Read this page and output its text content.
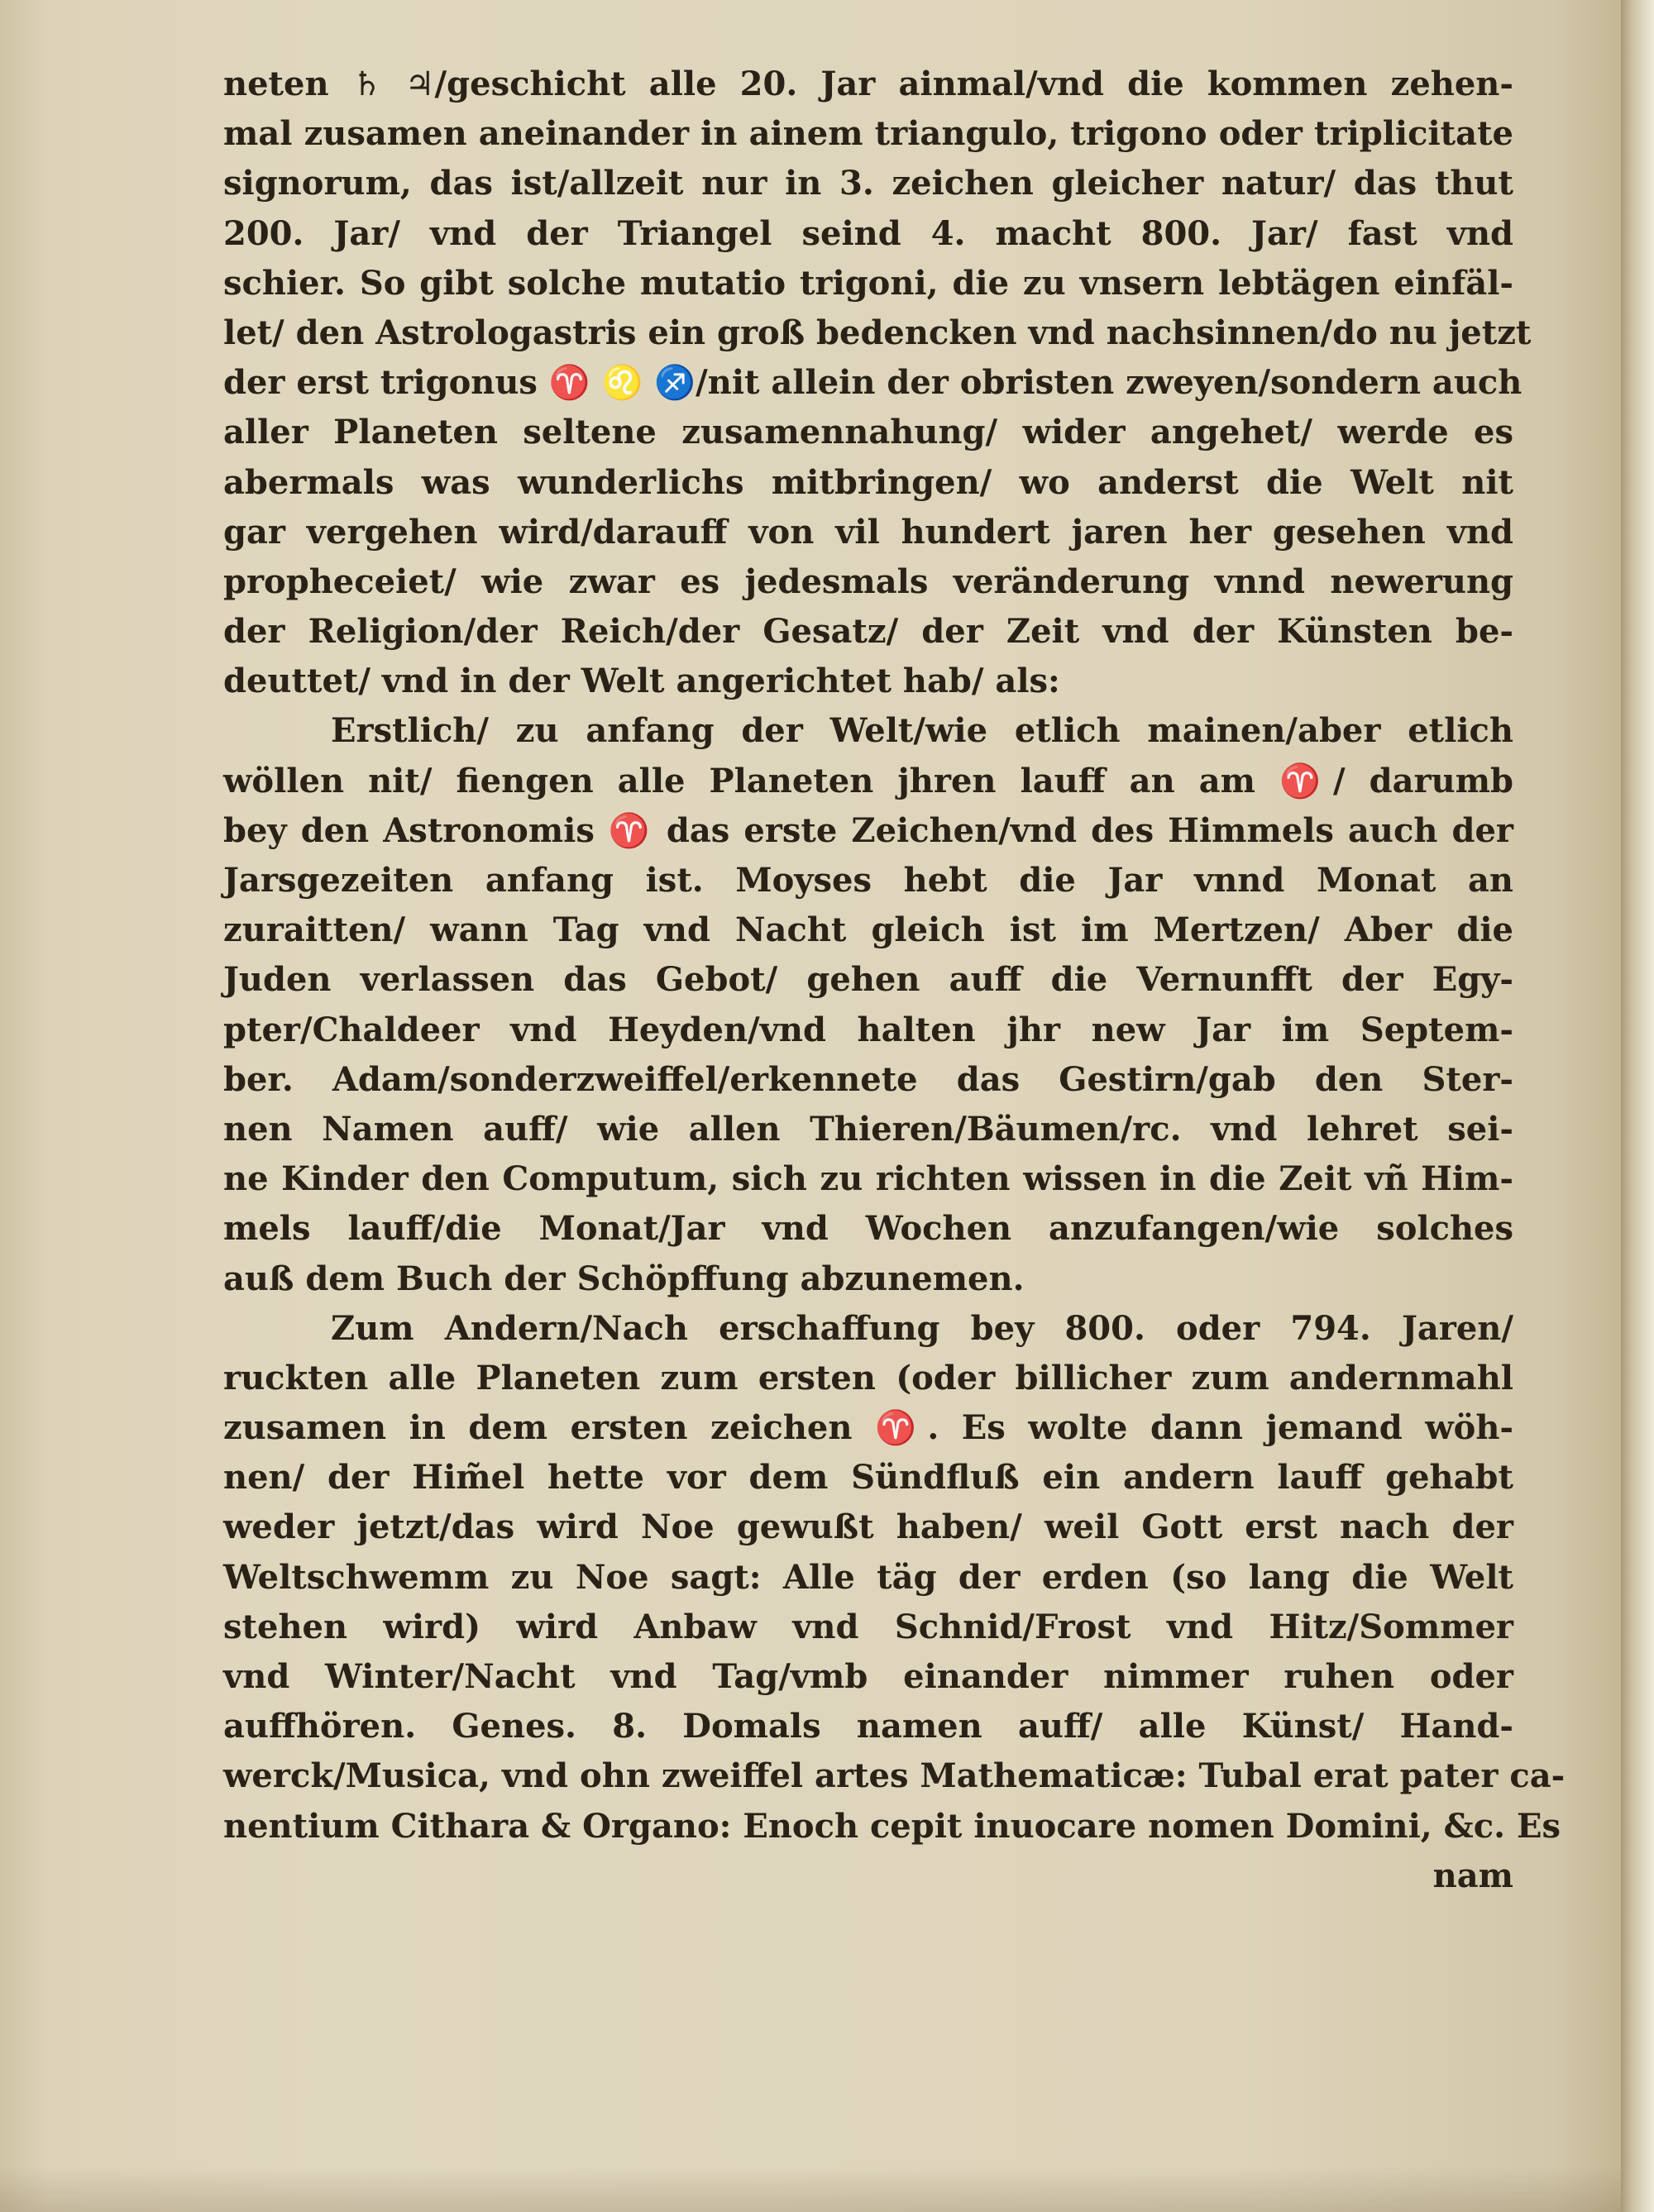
neten ♄ ♃/geschicht alle 20. Jar ainmal/vnd die kommen zehen-
mal zusamen aneinander in ainem triangulo, trigono oder triplicitate
signorum, das ist/allzeit nur in 3. zeichen gleicher natur/ das thut
200. Jar/ vnd der Triangel seind 4. macht 800. Jar/ fast vnd
schier. So gibt solche mutatio trigoni, die zu vnsern lebtägen einfäl-
let/ den Astrologastris ein groß bedencken vnd nachsinnen/do nu jetzt
der erst trigonus ♈ ♌ ♐/nit allein der obristen zweyen/sondern auch
aller Planeten seltene zusamennahung/ wider angehet/ werde es
abermals was wunderlichs mitbringen/ wo anderst die Welt nit
gar vergehen wird/darauff von vil hundert jaren her gesehen vnd
propheceiet/ wie zwar es jedesmals veränderung vnnd newerung
der Religion/der Reich/der Gesatz/ der Zeit vnd der Künsten be-
deuttet/ vnd in der Welt angerichtet hab/ als:
Erstlich/ zu anfang der Welt/wie etlich mainen/aber etlich
wöllen nit/ fiengen alle Planeten jhren lauff an am ♈/ darumb
bey den Astronomis ♈ das erste Zeichen/vnd des Himmels auch der
Jarsgezeiten anfang ist. Moyses hebt die Jar vnnd Monat an
zuraitten/ wann Tag vnd Nacht gleich ist im Mertzen/ Aber die
Juden verlassen das Gebot/ gehen auff die Vernunfft der Egy-
pter/Chaldeer vnd Heyden/vnd halten jhr new Jar im Septem-
ber. Adam/sonderzweiffel/erkennete das Gestirn/gab den Ster-
nen Namen auff/ wie allen Thieren/Bäumen/rc. vnd lehret sei-
ne Kinder den Computum, sich zu richten wissen in die Zeit vñ Him-
mels lauff/die Monat/Jar vnd Wochen anzufangen/wie solches
auß dem Buch der Schöpffung abzunemen.
Zum Andern/Nach erschaffung bey 800. oder 794. Jaren/
ruckten alle Planeten zum ersten (oder billicher zum andernmahl
zusamen in dem ersten zeichen ♈. Es wolte dann jemand wöh-
nen/ der Him̃el hette vor dem Sündfluß ein andern lauff gehabt
weder jetzt/das wird Noe gewußt haben/ weil Gott erst nach der
Weltschwemm zu Noe sagt: Alle täg der erden (so lang die Welt
stehen wird) wird Anbaw vnd Schnid/Frost vnd Hitz/Sommer
vnd Winter/Nacht vnd Tag/vmb einander nimmer ruhen oder
auffhören. Genes. 8. Domals namen auff/ alle Künst/ Hand-
werck/Musica, vnd ohn zweiffel artes Mathematicæ: Tubal erat pater ca-
nentium Cithara & Organo: Enoch cepit inuocare nomen Domini, &c. Es
nam
